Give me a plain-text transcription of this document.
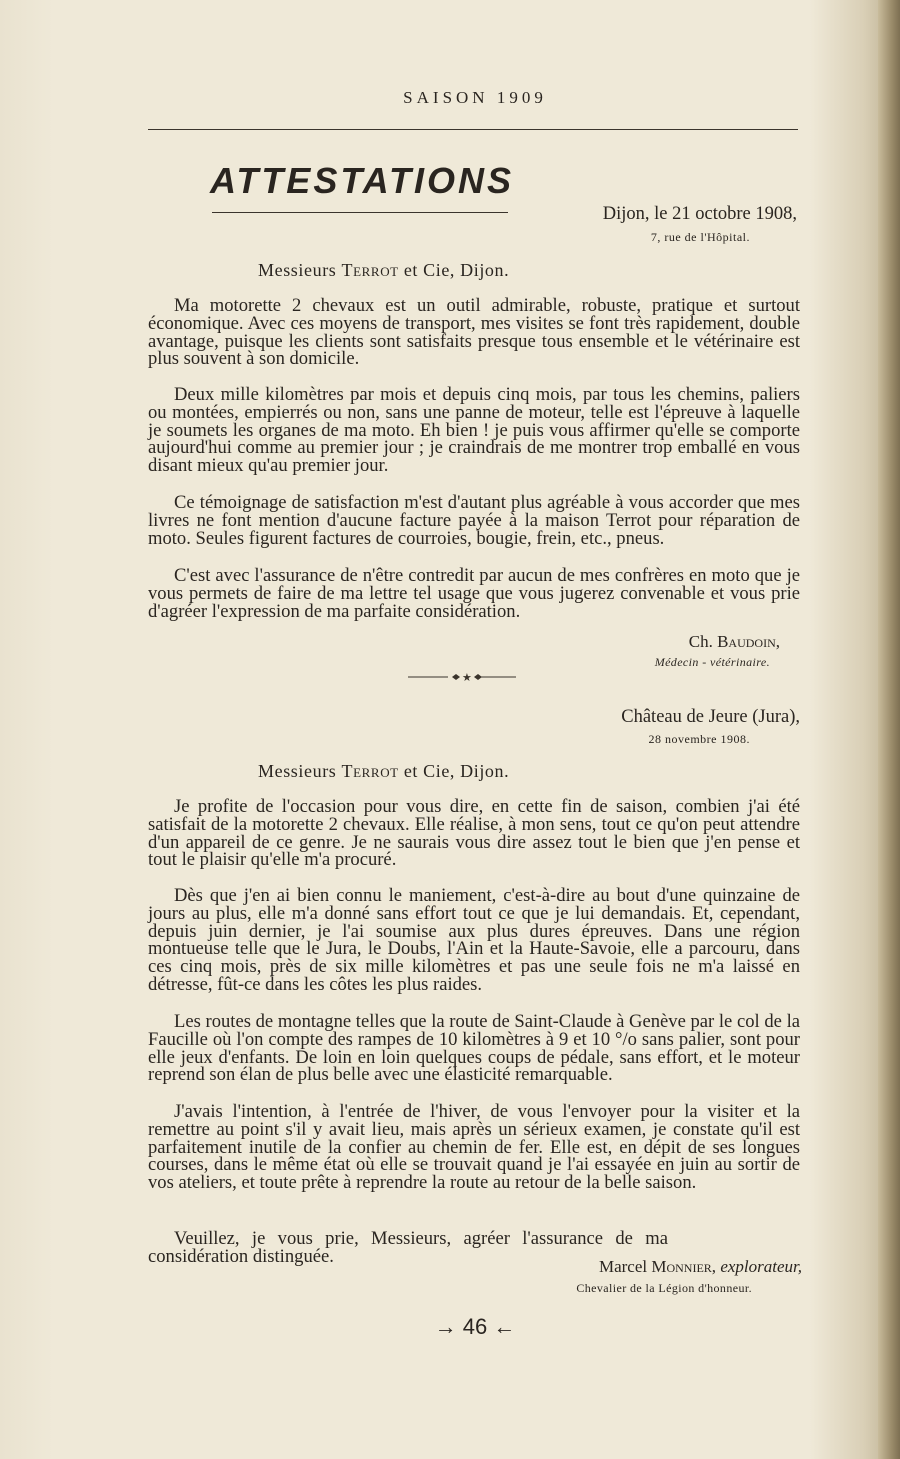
SAISON 1909
ATTESTATIONS
Dijon, le 21 octobre 1908,
7, rue de l'Hôpital.
Messieurs Terrot et Cie, Dijon.

Ma motorette 2 chevaux est un outil admirable, robuste, pratique et surtout économique. Avec ces moyens de transport, mes visites se font très rapidement, double avantage, puisque les clients sont satisfaits presque tous ensemble et le vétérinaire est plus souvent à son domicile.

Deux mille kilomètres par mois et depuis cinq mois, par tous les chemins, paliers ou montées, empierrés ou non, sans une panne de moteur, telle est l'épreuve à laquelle je soumets les organes de ma moto. Eh bien ! je puis vous affirmer qu'elle se comporte aujourd'hui comme au premier jour ; je craindrais de me montrer trop emballé en vous disant mieux qu'au premier jour.

Ce témoignage de satisfaction m'est d'autant plus agréable à vous accorder que mes livres ne font mention d'aucune facture payée à la maison Terrot pour réparation de moto. Seules figurent factures de courroies, bougie, frein, etc., pneus.

C'est avec l'assurance de n'être contredit par aucun de mes confrères en moto que je vous permets de faire de ma lettre tel usage que vous jugerez convenable et vous prie d'agréer l'expression de ma parfaite considération.

Ch. Baudoin,
Médecin - vétérinaire.
★
Château de Jeure (Jura),
28 novembre 1908.
Messieurs Terrot et Cie, Dijon.

Je profite de l'occasion pour vous dire, en cette fin de saison, combien j'ai été satisfait de la motorette 2 chevaux. Elle réalise, à mon sens, tout ce qu'on peut attendre d'un appareil de ce genre. Je ne saurais vous dire assez tout le bien que j'en pense et tout le plaisir qu'elle m'a procuré.

Dès que j'en ai bien connu le maniement, c'est-à-dire au bout d'une quinzaine de jours au plus, elle m'a donné sans effort tout ce que je lui demandais. Et, cependant, depuis juin dernier, je l'ai soumise aux plus dures épreuves. Dans une région montueuse telle que le Jura, le Doubs, l'Ain et la Haute-Savoie, elle a parcouru, dans ces cinq mois, près de six mille kilomètres et pas une seule fois ne m'a laissé en détresse, fût-ce dans les côtes les plus raides.

Les routes de montagne telles que la route de Saint-Claude à Genève par le col de la Faucille où l'on compte des rampes de 10 kilomètres à 9 et 10 °/o sans palier, sont pour elle jeux d'enfants. De loin en loin quelques coups de pédale, sans effort, et le moteur reprend son élan de plus belle avec une élasticité remarquable.

J'avais l'intention, à l'entrée de l'hiver, de vous l'envoyer pour la visiter et la remettre au point s'il y avait lieu, mais après un sérieux examen, je constate qu'il est parfaitement inutile de la confier au chemin de fer. Elle est, en dépit de ses longues courses, dans le même état où elle se trouvait quand je l'ai essayée en juin au sortir de vos ateliers, et toute prête à reprendre la route au retour de la belle saison.

Veuillez, je vous prie, Messieurs, agréer l'assurance de ma considération distinguée.	Marcel Monnier, explorateur,
Chevalier de la Légion d'honneur.
→ 46 ←
